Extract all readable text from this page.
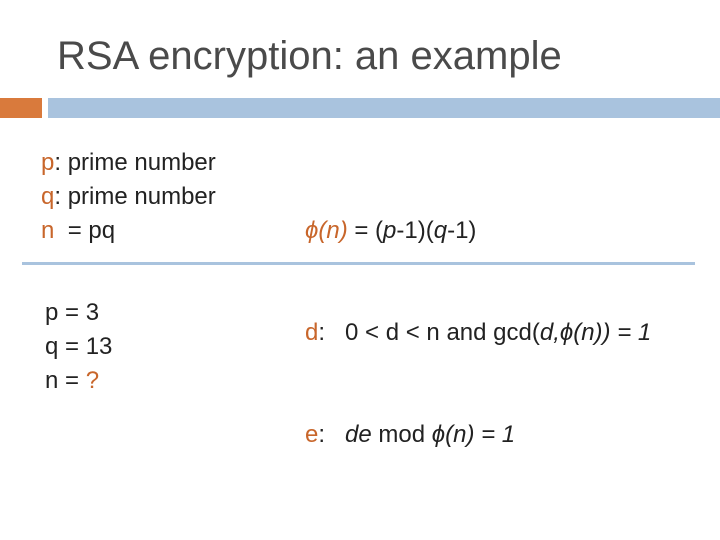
RSA encryption: an example
p: prime number
q: prime number
n  = pq

	ϕ(n) = (p-1)(q-1)

d:   0 < d < n and gcd(d,ϕ(n)) = 1

e:   de mod ϕ(n) = 1

p = 3
q = 13
n = ?
